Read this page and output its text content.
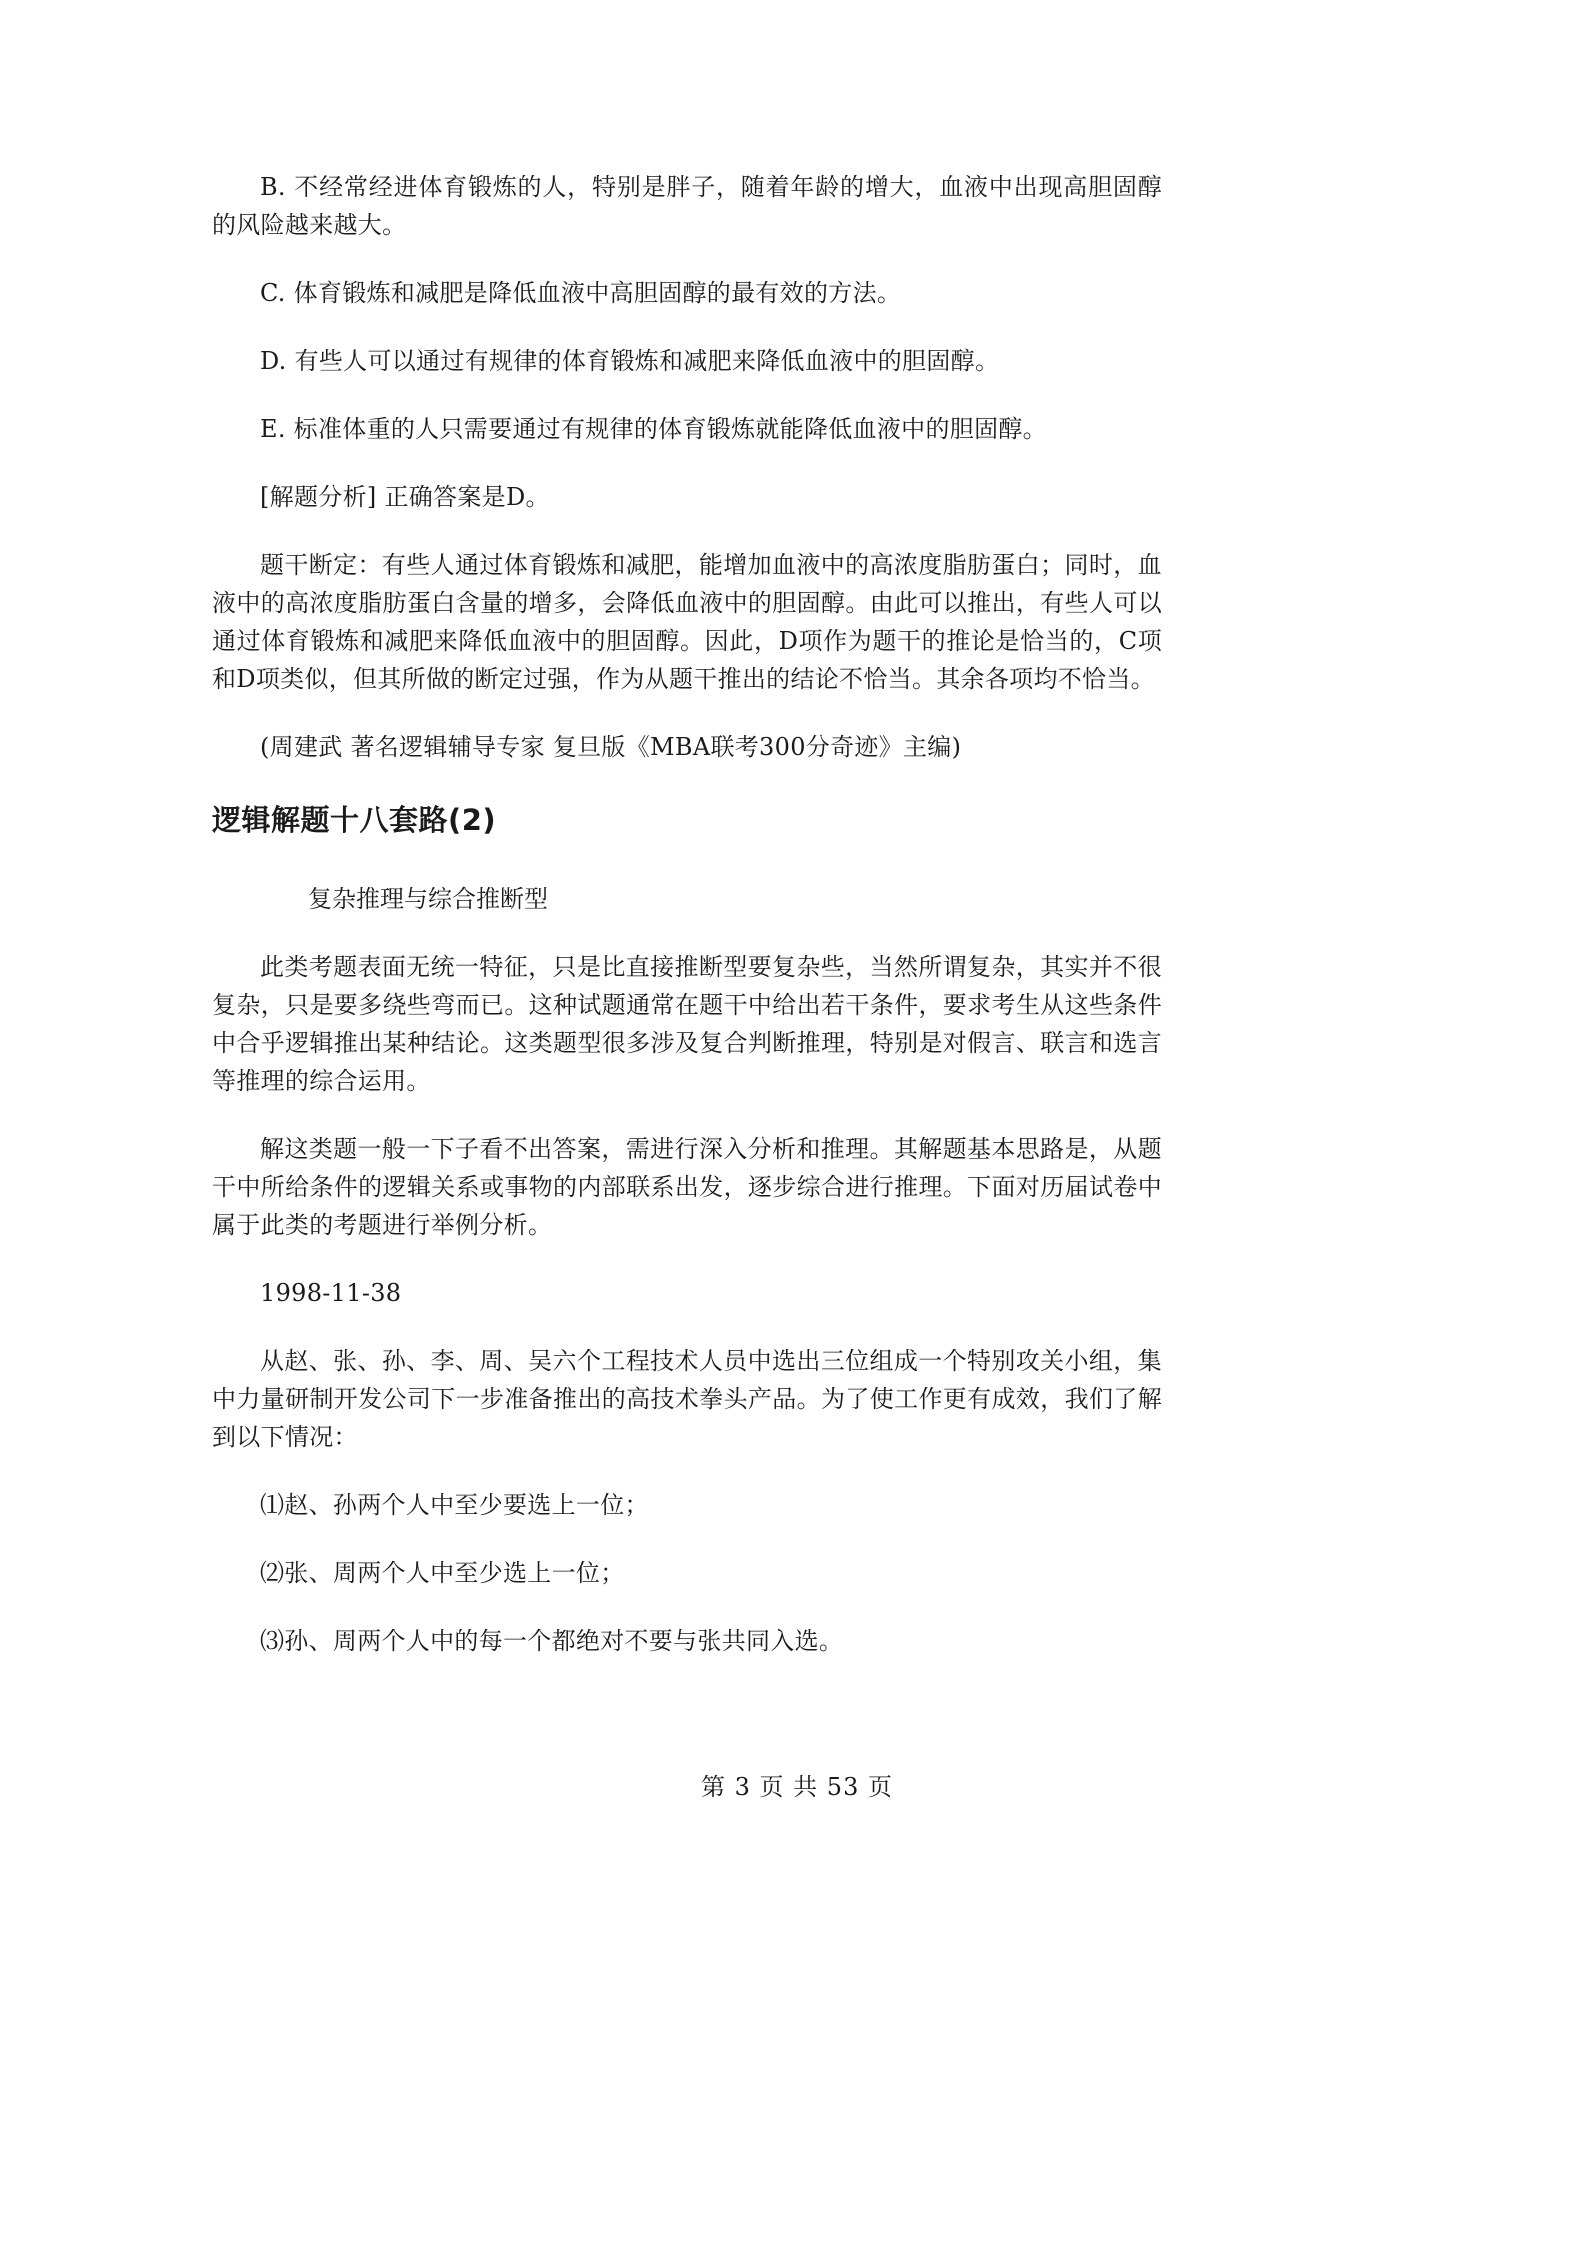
B. 不经常经进体育锻炼的人，特别是胖子，随着年龄的增大，血液中出现高胆固醇的风险越来越大。

C. 体育锻炼和减肥是降低血液中高胆固醇的最有效的方法。

D. 有些人可以通过有规律的体育锻炼和减肥来降低血液中的胆固醇。

E. 标准体重的人只需要通过有规律的体育锻炼就能降低血液中的胆固醇。

[解题分析] 正确答案是D。

题干断定：有些人通过体育锻炼和减肥，能增加血液中的高浓度脂肪蛋白；同时，血液中的高浓度脂肪蛋白含量的增多，会降低血液中的胆固醇。由此可以推出，有些人可以通过体育锻炼和减肥来降低血液中的胆固醇。因此，D项作为题干的推论是恰当的，C项和D项类似，但其所做的断定过强，作为从题干推出的结论不恰当。其余各项均不恰当。

(周建武 著名逻辑辅导专家 复旦版《MBA联考300分奇迹》主编)

逻辑解题十八套路(2)

复杂推理与综合推断型

此类考题表面无统一特征，只是比直接推断型要复杂些，当然所谓复杂，其实并不很复杂，只是要多绕些弯而已。这种试题通常在题干中给出若干条件，要求考生从这些条件中合乎逻辑推出某种结论。这类题型很多涉及复合判断推理，特别是对假言、联言和选言等推理的综合运用。

解这类题一般一下子看不出答案，需进行深入分析和推理。其解题基本思路是，从题干中所给条件的逻辑关系或事物的内部联系出发，逐步综合进行推理。下面对历届试卷中属于此类的考题进行举例分析。

1998-11-38

从赵、张、孙、李、周、吴六个工程技术人员中选出三位组成一个特别攻关小组，集中力量研制开发公司下一步准备推出的高技术拳头产品。为了使工作更有成效，我们了解到以下情况：

⑴赵、孙两个人中至少要选上一位；

⑵张、周两个人中至少选上一位；

⑶孙、周两个人中的每一个都绝对不要与张共同入选。

第 3 页 共 53 页
